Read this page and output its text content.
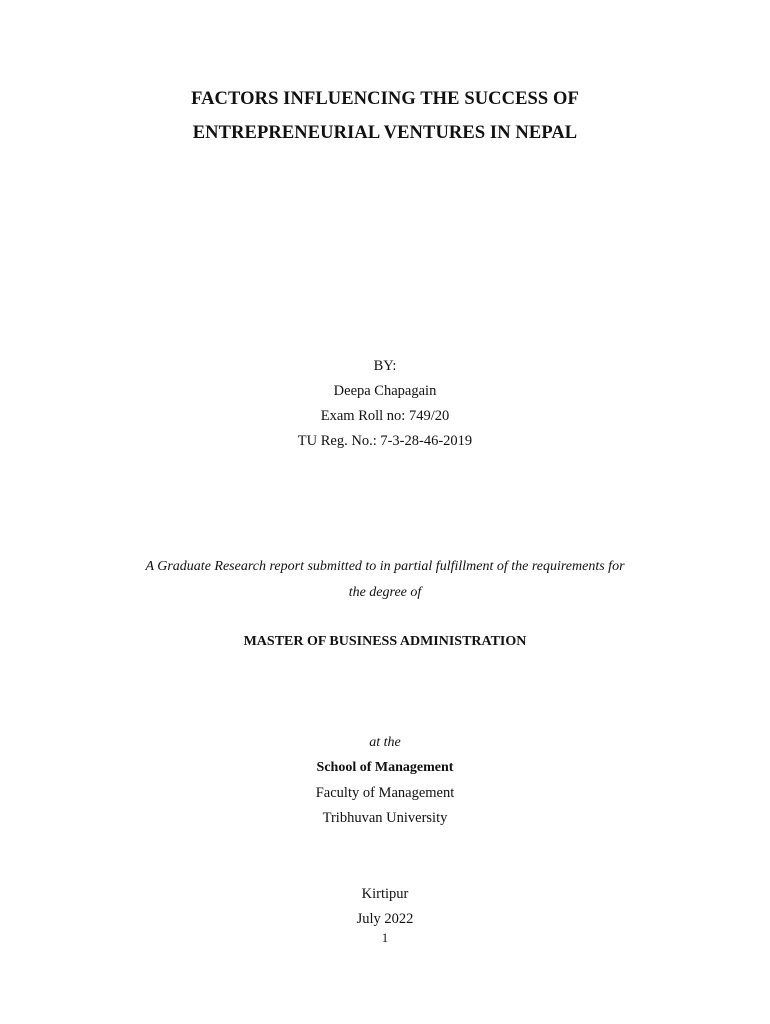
FACTORS INFLUENCING THE SUCCESS OF
ENTREPRENEURIAL VENTURES IN NEPAL
BY:
Deepa Chapagain
Exam Roll no: 749/20
TU Reg. No.: 7-3-28-46-2019
A Graduate Research report submitted to in partial fulfillment of the requirements for
the degree of
MASTER OF BUSINESS ADMINISTRATION
at the
School of Management
Faculty of Management
Tribhuvan University
Kirtipur
July 2022
1
